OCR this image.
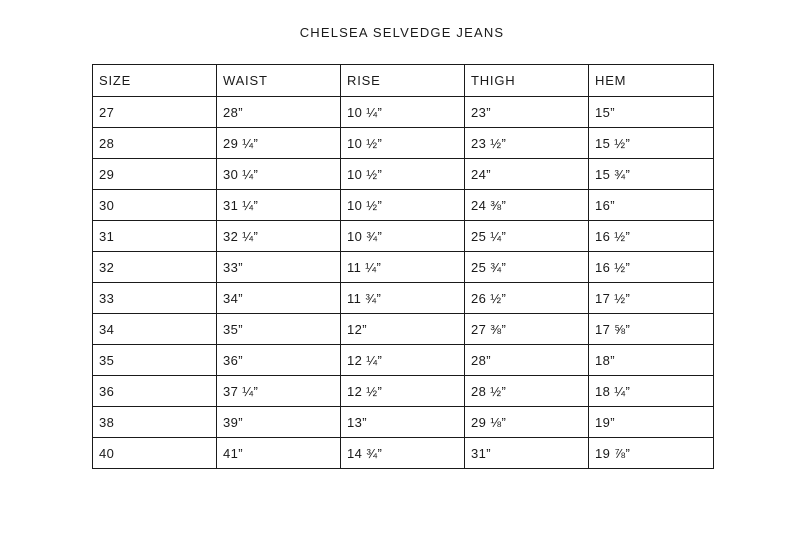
CHELSEA SELVEDGE JEANS
SIZE	WAIST	RISE	THIGH	HEM
27	28”	10 ¼”	23”	15”
28	29 ¼”	10 ½”	23 ½”	15 ½”
29	30 ¼”	10 ½”	24”	15 ¾”
30	31 ¼”	10 ½”	24 ⅜”	16”
31	32 ¼”	10 ¾”	25 ¼”	16 ½”
32	33”	11 ¼”	25 ¾”	16 ½”
33	34”	11 ¾”	26 ½”	17 ½”
34	35”	12”	27 ⅜”	17 ⅝”
35	36”	12 ¼”	28”	18”
36	37 ¼”	12 ½”	28 ½”	18 ¼”
38	39”	13”	29 ⅛”	19”
40	41”	14 ¾”	31”	19 ⅞”
